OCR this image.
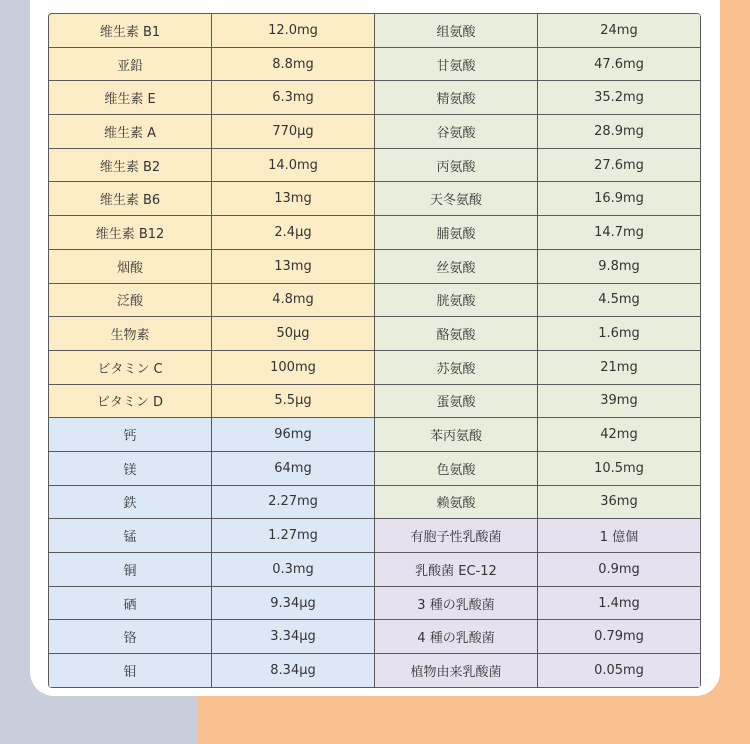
维生素 B1	12.0mg	组氨酸	24mg
亚鉛	8.8mg	甘氨酸	47.6mg
维生素 E	6.3mg	精氨酸	35.2mg
维生素 A	770µg	谷氨酸	28.9mg
维生素 B2	14.0mg	丙氨酸	27.6mg
维生素 B6	13mg	天冬氨酸	16.9mg
维生素 B12	2.4µg	脯氨酸	14.7mg
烟酸	13mg	丝氨酸	9.8mg
泛酸	4.8mg	胱氨酸	4.5mg
生物素	50µg	酪氨酸	1.6mg
ビタミン C	100mg	苏氨酸	21mg
ビタミン D	5.5µg	蛋氨酸	39mg
钙	96mg	苯丙氨酸	42mg
镁	64mg	色氨酸	10.5mg
鉄	2.27mg	赖氨酸	36mg
锰	1.27mg	有胞子性乳酸菌	1 億個
铜	0.3mg	乳酸菌 EC-12	0.9mg
硒	9.34µg	3 種の乳酸菌	1.4mg
铬	3.34µg	4 種の乳酸菌	0.79mg
钼	8.34µg	植物由来乳酸菌	0.05mg
